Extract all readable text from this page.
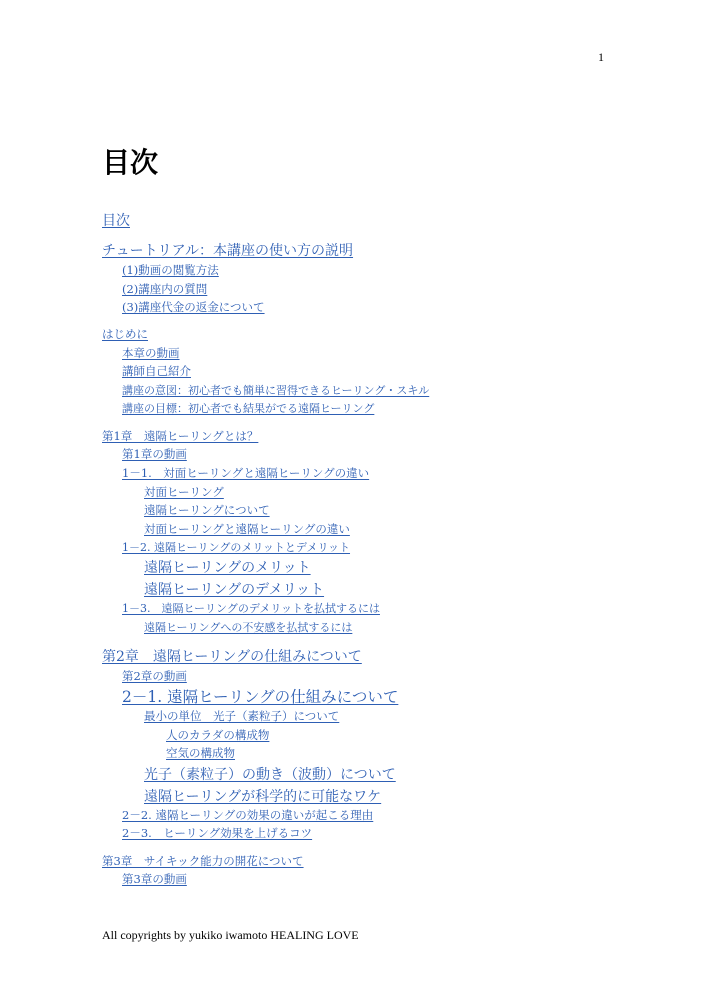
1
目次
目次
チュートリアル：本講座の使い方の説明
(1)動画の閲覧方法
(2)講座内の質問
(3)講座代金の返金について
はじめに
本章の動画
講師自己紹介
講座の意図：初心者でも簡単に習得できるヒーリング・スキル
講座の目標：初心者でも結果がでる遠隔ヒーリング
第1章　遠隔ヒーリングとは？
第1章の動画
1－1.　対面ヒーリングと遠隔ヒーリングの違い
対面ヒーリング
遠隔ヒーリングについて
対面ヒーリングと遠隔ヒーリングの違い
1－2. 遠隔ヒーリングのメリットとデメリット
遠隔ヒーリングのメリット
遠隔ヒーリングのデメリット
1－3.　遠隔ヒーリングのデメリットを払拭するには
遠隔ヒーリングへの不安感を払拭するには
第2章　遠隔ヒーリングの仕組みについて
第2章の動画
2－1. 遠隔ヒーリングの仕組みについて
最小の単位　光子（素粒子）について
人のカラダの構成物
空気の構成物
光子（素粒子）の動き（波動）について
遠隔ヒーリングが科学的に可能なワケ
2－2. 遠隔ヒーリングの効果の違いが起こる理由
2－3.　ヒーリング効果を上げるコツ
第3章　サイキック能力の開花について
第3章の動画
All copyrights by yukiko iwamoto HEALING LOVE
